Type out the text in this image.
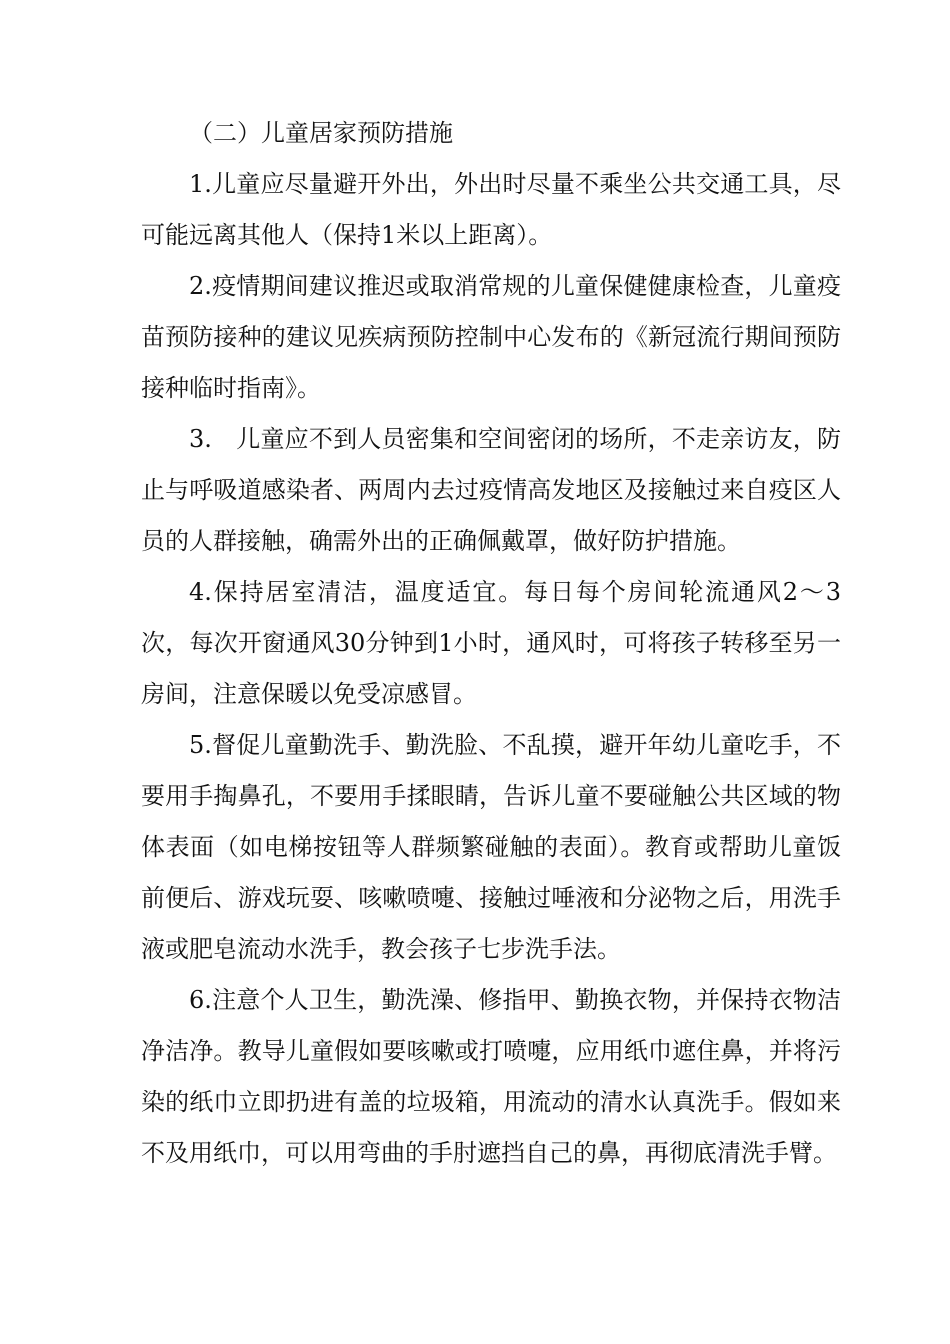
（二）儿童居家预防措施

1.儿童应尽量避开外出，外出时尽量不乘坐公共交通工具，尽可能远离其他人（保持1米以上距离）。

2.疫情期间建议推迟或取消常规的儿童保健健康检查，儿童疫苗预防接种的建议见疾病预防控制中心发布的《新冠流行期间预防接种临时指南》。

3.　儿童应不到人员密集和空间密闭的场所，不走亲访友，防止与呼吸道感染者、两周内去过疫情高发地区及接触过来自疫区人员的人群接触，确需外出的正确佩戴罩，做好防护措施。

4.保持居室清洁，温度适宜。每日每个房间轮流通风2〜3次，每次开窗通风30分钟到1小时，通风时，可将孩子转移至另一房间，注意保暖以免受凉感冒。

5.督促儿童勤洗手、勤洗脸、不乱摸，避开年幼儿童吃手，不要用手掏鼻孔，不要用手揉眼睛，告诉儿童不要碰触公共区域的物体表面（如电梯按钮等人群频繁碰触的表面）。教育或帮助儿童饭前便后、游戏玩耍、咳嗽喷嚏、接触过唾液和分泌物之后，用洗手液或肥皂流动水洗手，教会孩子七步洗手法。

6.注意个人卫生，勤洗澡、修指甲、勤换衣物，并保持衣物洁净洁净。教导儿童假如要咳嗽或打喷嚏，应用纸巾遮住鼻，并将污染的纸巾立即扔进有盖的垃圾箱，用流动的清水认真洗手。假如来不及用纸巾，可以用弯曲的手肘遮挡自己的鼻，再彻底清洗手臂。
